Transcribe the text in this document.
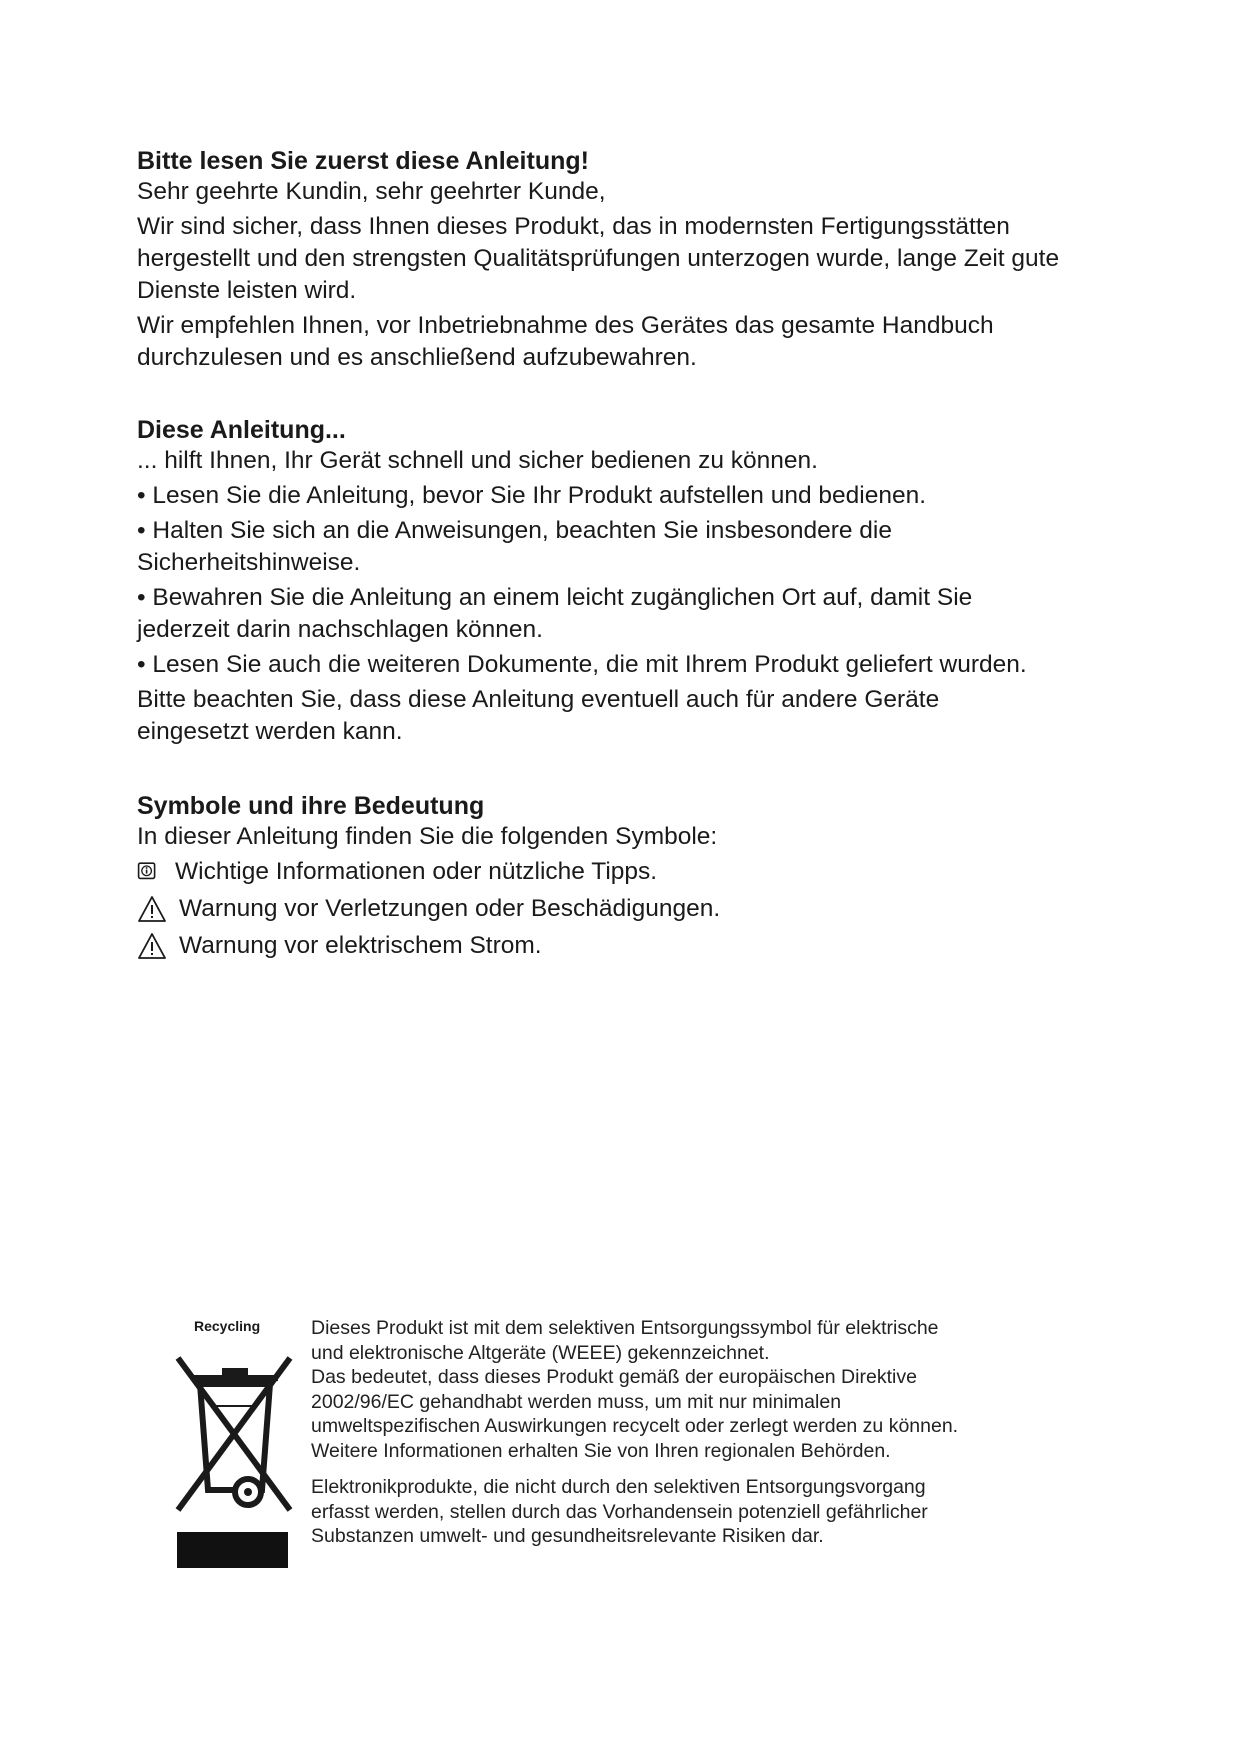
Bitte lesen Sie zuerst diese Anleitung!

Sehr geehrte Kundin, sehr geehrter Kunde,

Wir sind sicher, dass Ihnen dieses Produkt, das in modernsten Fertigungsstätten hergestellt und den strengsten Qualitätsprüfungen unterzogen wurde, lange Zeit gute Dienste leisten wird.

Wir empfehlen Ihnen, vor Inbetriebnahme des Gerätes das gesamte Handbuch durchzulesen und es anschließend aufzubewahren.

Diese Anleitung...

... hilft Ihnen, Ihr Gerät schnell und sicher bedienen zu können.

• Lesen Sie die Anleitung, bevor Sie Ihr Produkt aufstellen und bedienen.

• Halten Sie sich an die Anweisungen, beachten Sie insbesondere die Sicherheitshinweise.

• Bewahren Sie die Anleitung an einem leicht zugänglichen Ort auf, damit Sie jederzeit darin nachschlagen können.

• Lesen Sie auch die weiteren Dokumente, die mit Ihrem Produkt geliefert wurden.

Bitte beachten Sie, dass diese Anleitung eventuell auch für andere Geräte eingesetzt werden kann.

Symbole und ihre Bedeutung

In dieser Anleitung finden Sie die folgenden Symbole:

Wichtige Informationen oder nützliche Tipps.
Warnung vor Verletzungen oder Beschädigungen.
Warnung vor elektrischem Strom.
Recycling	Dieses Produkt ist mit dem selektiven Entsorgungssymbol für elektrische

und elektronische Altgeräte (WEEE) gekennzeichnet.

Das bedeutet, dass dieses Produkt gemäß der europäischen Direktive

2002/96/EC gehandhabt werden muss, um mit nur minimalen

umweltspezifischen Auswirkungen recycelt oder zerlegt werden zu können.

Weitere Informationen erhalten Sie von Ihren regionalen Behörden.

Elektronikprodukte, die nicht durch den selektiven Entsorgungsvorgang

erfasst werden, stellen durch das Vorhandensein potenziell gefährlicher

Substanzen umwelt- und gesundheitsrelevante Risiken dar.
